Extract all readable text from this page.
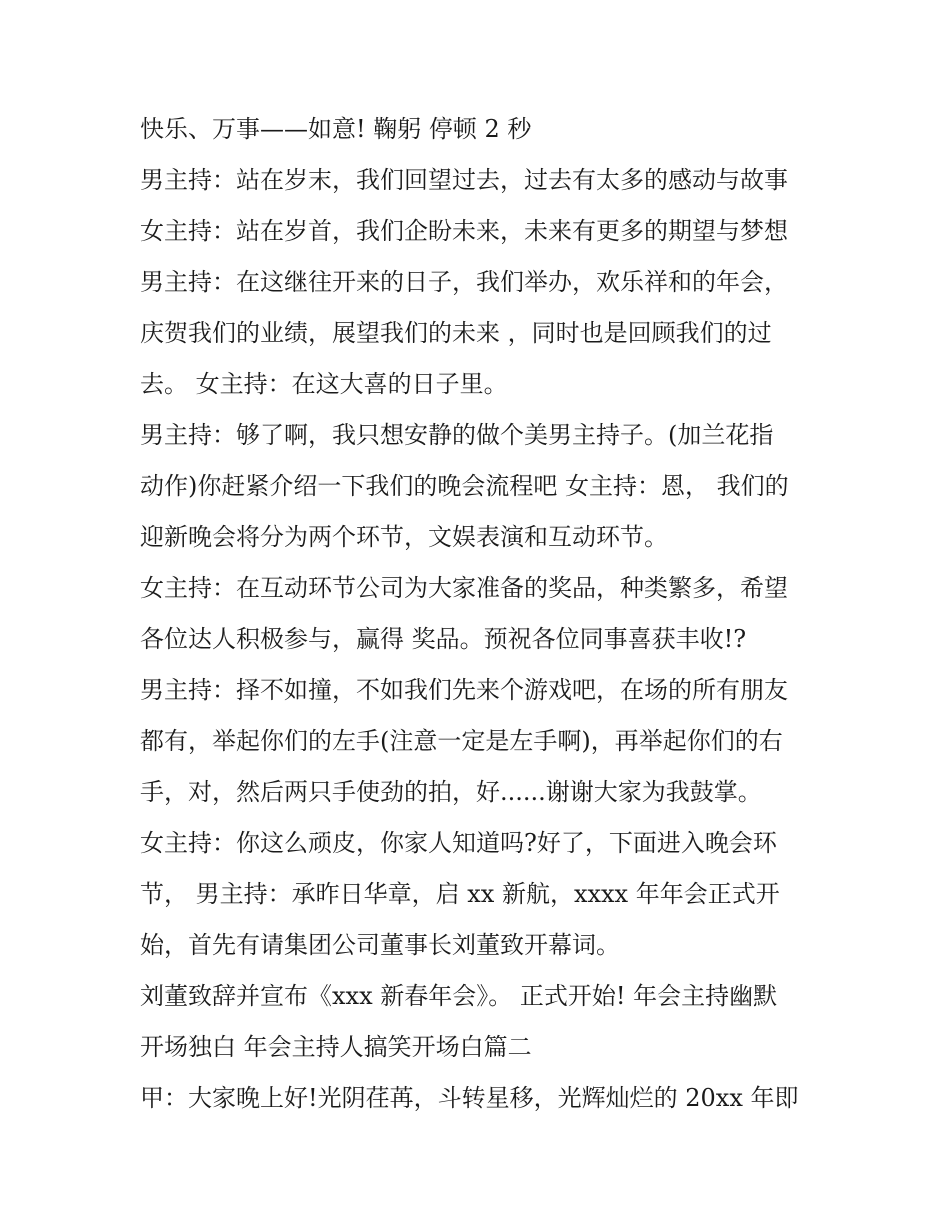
快乐、万事——如意! 鞠躬 停顿 2 秒
男主持：站在岁末，我们回望过去，过去有太多的感动与故事
女主持：站在岁首，我们企盼未来，未来有更多的期望与梦想
男主持：在这继往开来的日子，我们举办，欢乐祥和的年会，
庆贺我们的业绩，展望我们的未来 ，同时也是回顾我们的过
去。 女主持：在这大喜的日子里。
男主持：够了啊，我只想安静的做个美男主持子。(加兰花指
动作)你赶紧介绍一下我们的晚会流程吧 女主持：恩， 我们的
迎新晚会将分为两个环节，文娱表演和互动环节。
女主持：在互动环节公司为大家准备的奖品，种类繁多，希望
各位达人积极参与，赢得 奖品。预祝各位同事喜获丰收!?
男主持：择不如撞，不如我们先来个游戏吧，在场的所有朋友
都有，举起你们的左手(注意一定是左手啊)，再举起你们的右
手，对，然后两只手使劲的拍，好......谢谢大家为我鼓掌。
女主持：你这么顽皮，你家人知道吗?好了，下面进入晚会环
节， 男主持：承昨日华章，启 xx 新航，xxxx 年年会正式开
始，首先有请集团公司董事长刘董致开幕词。
刘董致辞并宣布《xxx 新春年会》。 正式开始! 年会主持幽默
开场独白 年会主持人搞笑开场白篇二
甲：大家晚上好!光阴荏苒，斗转星移，光辉灿烂的 20xx 年即
